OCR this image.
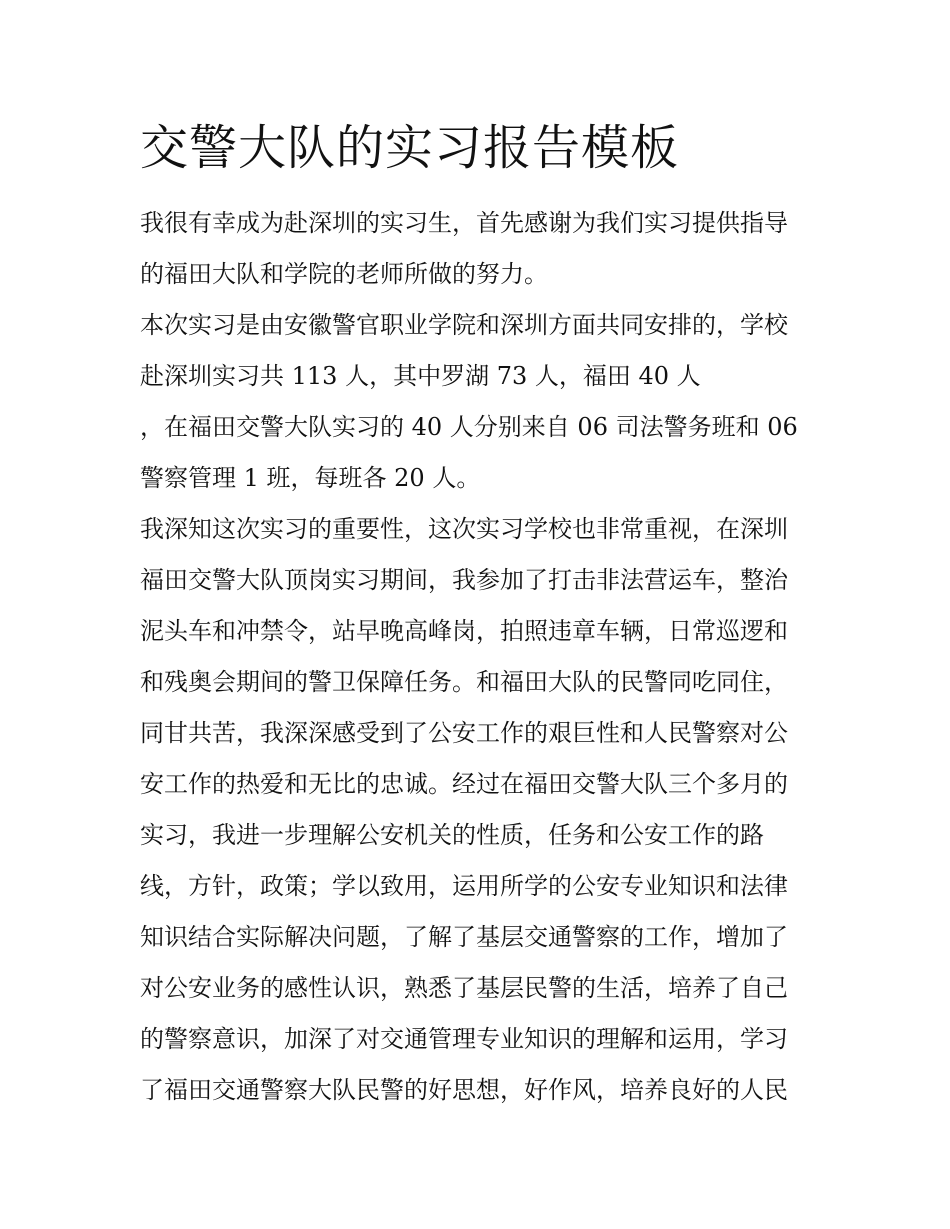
交警大队的实习报告模板

我很有幸成为赴深圳的实习生，首先感谢为我们实习提供指导

的福田大队和学院的老师所做的努力。

本次实习是由安徽警官职业学院和深圳方面共同安排的，学校

赴深圳实习共 113 人，其中罗湖 73 人，福田 40 人

，在福田交警大队实习的 40 人分别来自 06 司法警务班和 06

警察管理 1 班，每班各 20 人。

我深知这次实习的重要性，这次实习学校也非常重视，在深圳

福田交警大队顶岗实习期间，我参加了打击非法营运车，整治

泥头车和冲禁令，站早晚高峰岗，拍照违章车辆，日常巡逻和

和残奥会期间的警卫保障任务。和福田大队的民警同吃同住，

同甘共苦，我深深感受到了公安工作的艰巨性和人民警察对公

安工作的热爱和无比的忠诚。经过在福田交警大队三个多月的

实习，我进一步理解公安机关的性质，任务和公安工作的路

线，方针，政策；学以致用，运用所学的公安专业知识和法律

知识结合实际解决问题，了解了基层交通警察的工作，增加了

对公安业务的感性认识，熟悉了基层民警的生活，培养了自己

的警察意识，加深了对交通管理专业知识的理解和运用，学习

了福田交通警察大队民警的好思想，好作风，培养良好的人民
